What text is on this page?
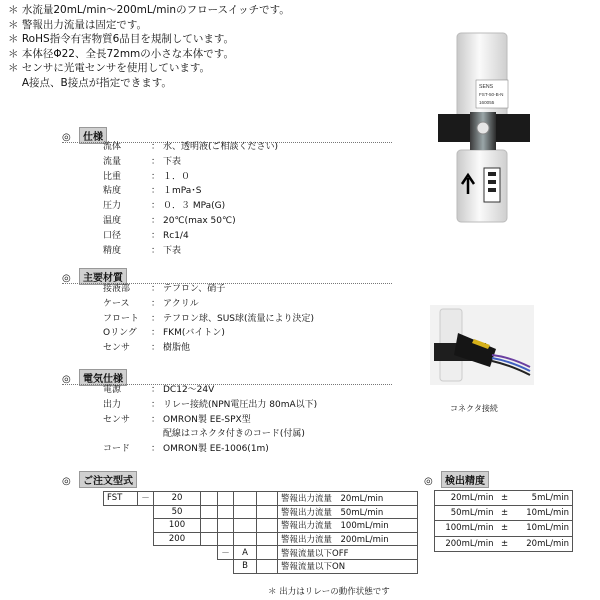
＊ 水流量20mL/min～200mL/minのフロースイッチです。
＊ 警報出力流量は固定です。
＊ RoHS指令有害物質6品目を規制しています。
＊ 本体径Φ22、全長72mmの小さな本体です。
＊ センサに光電センサを使用しています。
　 A接点、B接点が指定できます。	SENS
FST-50-B-N
160055
コネクタ接続
◎ 仕様
流体	： 水、透明液(ご相談ください)
流量	： 下表
比重	： １．０
粘度	： １mPa･S
圧力	： ０．３ MPa(G)
温度	： 20℃(max 50℃)
口径	： Rc1/4
精度	： 下表
◎ 主要材質
接液部	： テフロン、硝子
ケース	： アクリル
フロート	： テフロン球、SUS球(流量により決定)
Oリング	： FKM(バイトン)
センサ	： 樹脂他
◎ 電気仕様
電源	： DC12～24V
出力	： リレー接続(NPN電圧出力 80mA以下)
センサ	： OMRON製 EE-SPX型
配線はコネクタ付きのコード(付属)
コード	： OMRON製 EE-1006(1m)
◎ ご注文型式
FST	－	20					警報出力流量　20mL/min
		50					警報出力流量　50mL/min
		100					警報出力流量　100mL/min
		200					警報出力流量　200mL/min
				－	A		警報流量以下OFF
					B		警報流量以下ON
＊ 出力はリレーの動作状態です
◎ 検出精度
20mL/min	±	5mL/min
50mL/min	±	10mL/min
100mL/min	±	10mL/min
200mL/min	±	20mL/min
